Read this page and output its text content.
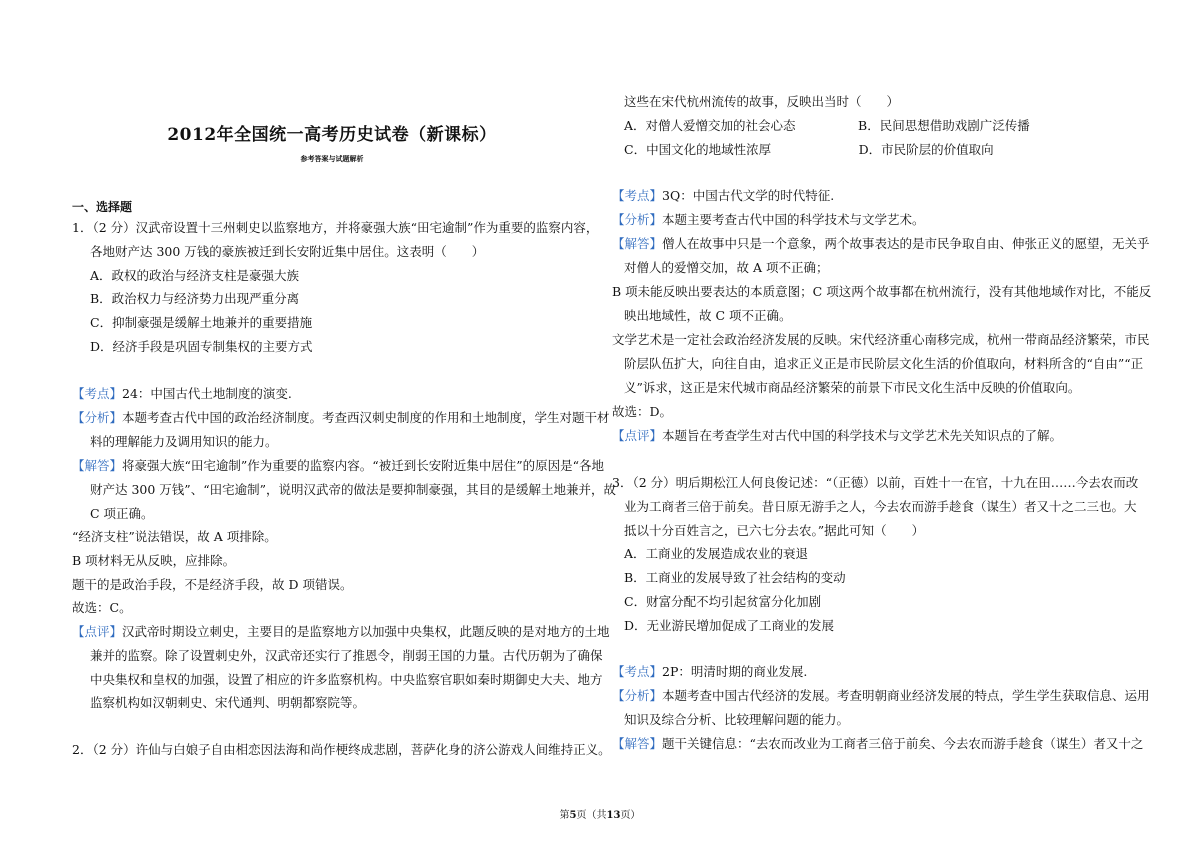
2012年全国统一高考历史试卷（新课标）
参考答案与试题解析
一、选择题
1．（2 分）汉武帝设置十三州刺史以监察地方，并将豪强大族“田宅逾制”作为重要的监察内容，
各地财产达 300 万钱的豪族被迁到长安附近集中居住。这表明（　　）
A．政权的政治与经济支柱是豪强大族
B．政治权力与经济势力出现严重分离
C．抑制豪强是缓解土地兼并的重要措施
D．经济手段是巩固专制集权的主要方式
【考点】24：中国古代土地制度的演变.
【分析】本题考查古代中国的政治经济制度。考查西汉刺史制度的作用和土地制度，学生对题干材
料的理解能力及调用知识的能力。
【解答】将豪强大族“田宅逾制”作为重要的监察内容。“被迁到长安附近集中居住”的原因是“各地
财产达 300 万钱”、“田宅逾制”，说明汉武帝的做法是要抑制豪强，其目的是缓解土地兼并，故
C 项正确。
“经济支柱”说法错误，故 A 项排除。
B 项材料无从反映，应排除。
题干的是政治手段，不是经济手段，故 D 项错误。
故选：C。
【点评】汉武帝时期设立刺史，主要目的是监察地方以加强中央集权，此题反映的是对地方的土地
兼并的监察。除了设置刺史外，汉武帝还实行了推恩令，削弱王国的力量。古代历朝为了确保
中央集权和皇权的加强，设置了相应的许多监察机构。中央监察官职如秦时期御史大夫、地方
监察机构如汉朝刺史、宋代通判、明朝都察院等。
2．（2 分）许仙与白娘子自由相恋因法海和尚作梗终成悲剧，菩萨化身的济公游戏人间维持正义。
这些在宋代杭州流传的故事，反映出当时（　　）
A．对僧人爱憎交加的社会心态　　　　　B．民间思想借助戏剧广泛传播
C．中国文化的地域性浓厚　　　　　　　D．市民阶层的价值取向
【考点】3Q：中国古代文学的时代特征.
【分析】本题主要考查古代中国的科学技术与文学艺术。
【解答】僧人在故事中只是一个意象，两个故事表达的是市民争取自由、伸张正义的愿望，无关乎
对僧人的爱憎交加，故 A 项不正确；
B 项未能反映出要表达的本质意图；C 项这两个故事都在杭州流行，没有其他地域作对比，不能反
映出地域性，故 C 项不正确。
文学艺术是一定社会政治经济发展的反映。宋代经济重心南移完成，杭州一带商品经济繁荣，市民
阶层队伍扩大，向往自由，追求正义正是市民阶层文化生活的价值取向，材料所含的“自由”“正
义”诉求，这正是宋代城市商品经济繁荣的前景下市民文化生活中反映的价值取向。
故选：D。
【点评】本题旨在考查学生对古代中国的科学技术与文学艺术先关知识点的了解。
3．（2 分）明后期松江人何良俊记述：“（正德）以前，百姓十一在官，十九在田……今去农而改
业为工商者三倍于前矣。昔日原无游手之人，今去农而游手趁食（谋生）者又十之二三也。大
抵以十分百姓言之，已六七分去农。”据此可知（　　）
A．工商业的发展造成农业的衰退
B．工商业的发展导致了社会结构的变动
C．财富分配不均引起贫富分化加剧
D．无业游民增加促成了工商业的发展
【考点】2P：明清时期的商业发展.
【分析】本题考查中国古代经济的发展。考查明朝商业经济发展的特点，学生学生获取信息、运用
知识及综合分析、比较理解问题的能力。
【解答】题干关键信息：“去农而改业为工商者三倍于前矣、今去农而游手趁食（谋生）者又十之
第5页（共13页）
